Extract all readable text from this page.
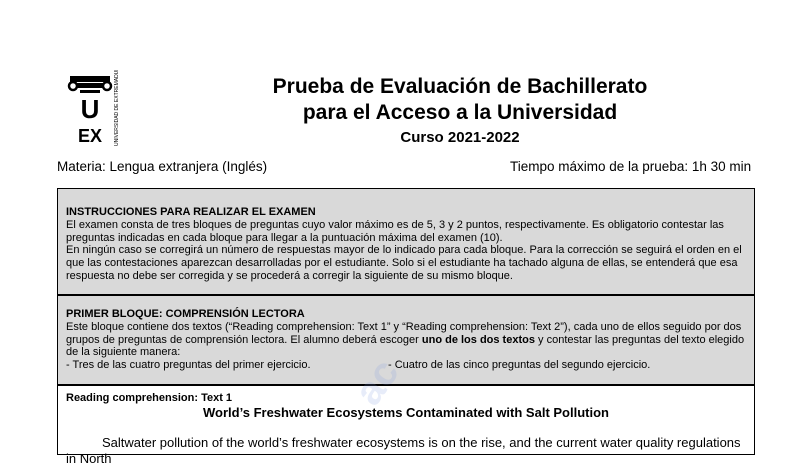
U
EX UNIVERSIDAD DE EXTREMADURA	Prueba de Evaluación de Bachillerato
para el Acceso a la Universidad
Curso 2021-2022
Materia: Lengua extranjera (Inglés)	Tiempo máximo de la prueba: 1h 30 min
INSTRUCCIONES PARA REALIZAR EL EXAMEN

El examen consta de tres bloques de preguntas cuyo valor máximo es de 5, 3 y 2 puntos, respectivamente. Es obligatorio contestar las preguntas indicadas en cada bloque para llegar a la puntuación máxima del examen (10).

En ningún caso se corregirá un número de respuestas mayor de lo indicado para cada bloque. Para la corrección se seguirá el orden en el que las contestaciones aparezcan desarrolladas por el estudiante. Solo si el estudiante ha tachado alguna de ellas, se entenderá que esa respuesta no debe ser corregida y se procederá a corregir la siguiente de su mismo bloque.

PRIMER BLOQUE: COMPRENSIÓN LECTORA

Este bloque contiene dos textos (“Reading comprehension: Text 1” y “Reading comprehension: Text 2”), cada uno de ellos seguido por dos grupos de preguntas de comprensión lectora. El alumno deberá escoger uno de los dos textos y contestar las preguntas del texto elegido de la siguiente manera:

- Tres de las cuatro preguntas del primer ejercicio.	- Cuatro de las cinco preguntas del segundo ejercicio.
Reading comprehension: Text 1
World’s Freshwater Ecosystems Contaminated with Salt Pollution
Saltwater pollution of the world’s freshwater ecosystems is on the rise, and the current water quality regulations in North
